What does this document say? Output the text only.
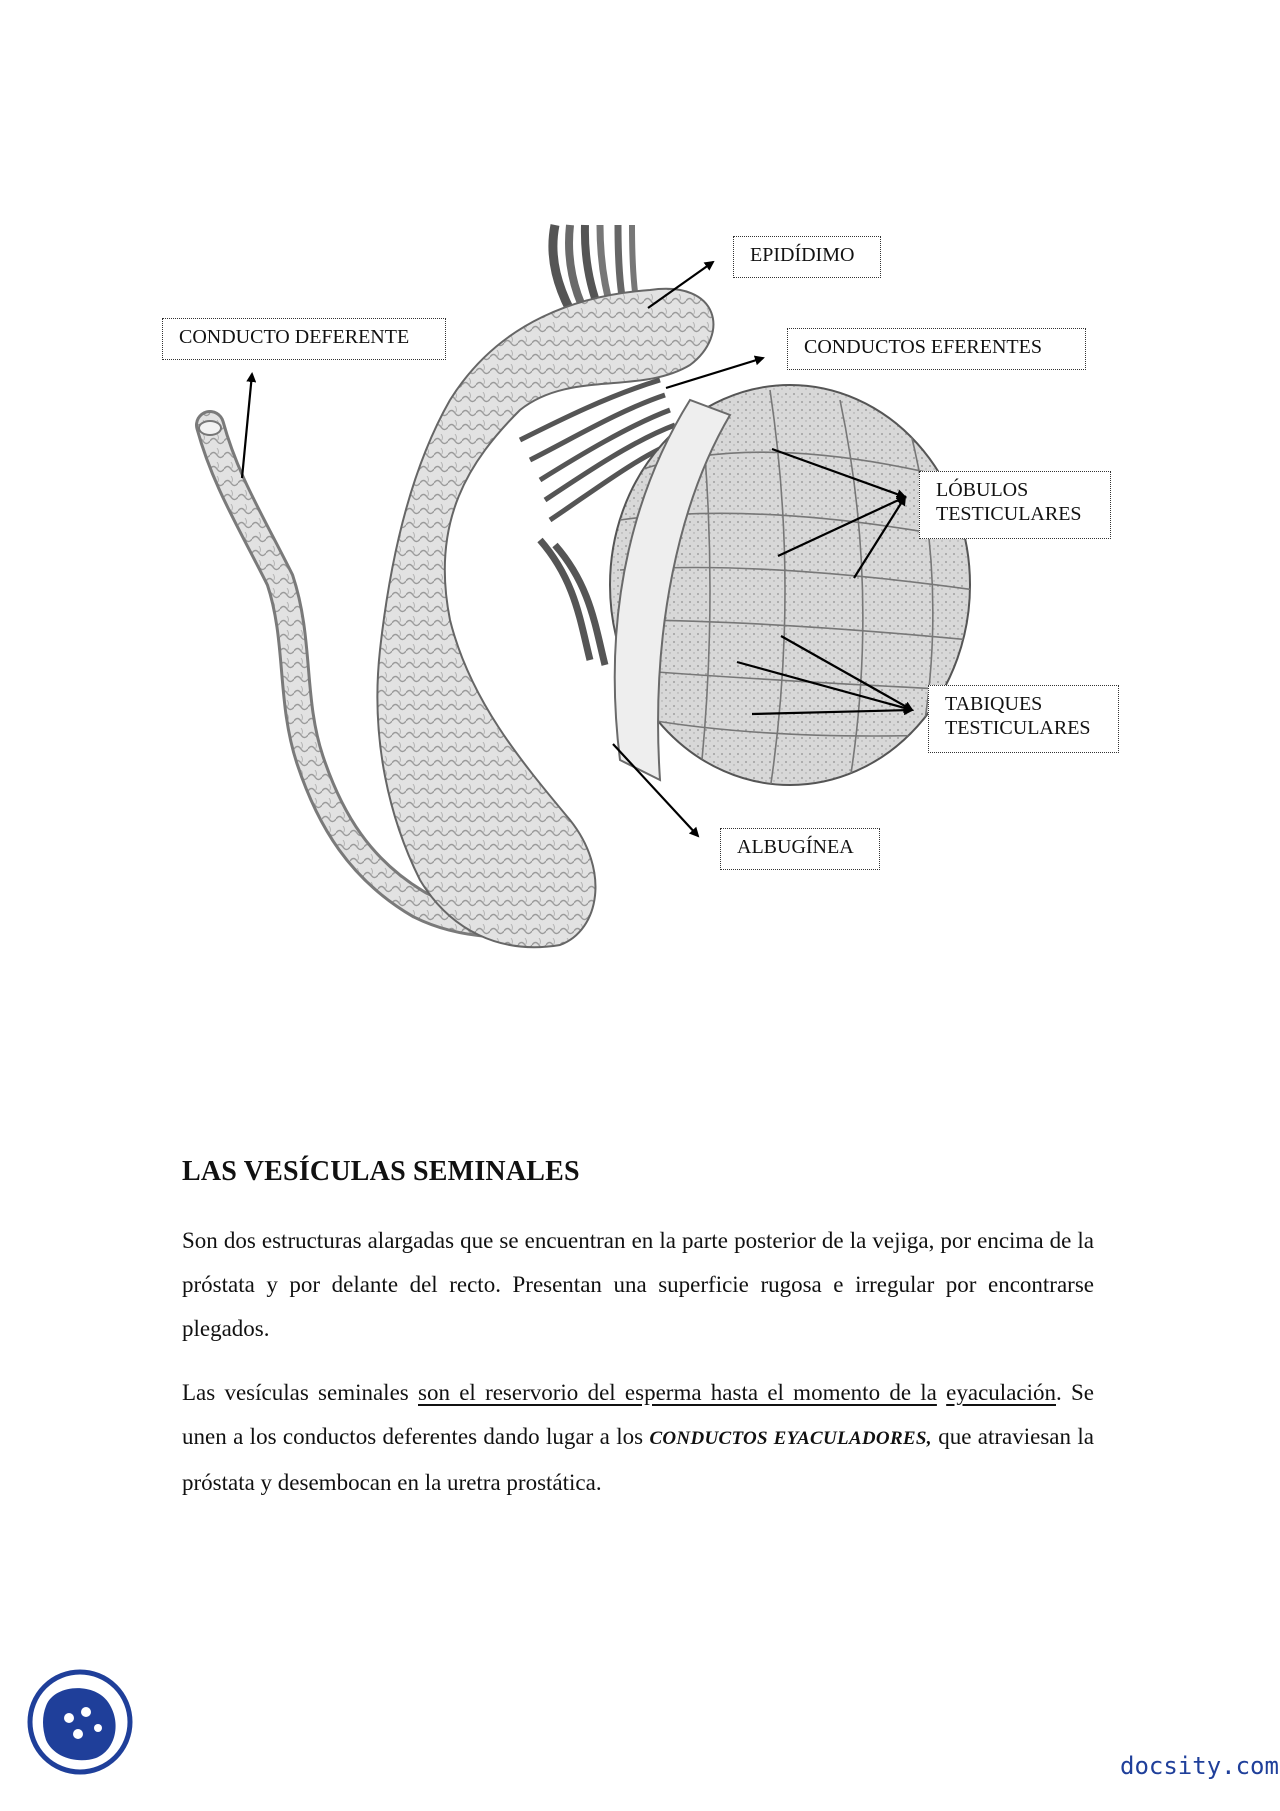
EPIDÍDIMO
CONDUCTO DEFERENTE	CONDUCTOS EFERENTES
LÓBULOS
TESTICULARES
TABIQUES
TESTICULARES
ALBUGÍNEA
LAS VESÍCULAS SEMINALES

Son dos estructuras alargadas que se encuentran en la parte posterior de la vejiga, por encima de la próstata y por delante del recto. Presentan una superficie rugosa e irregular por encontrarse plegados.

Las vesículas seminales son el reservorio del esperma hasta el momento de la eyaculación. Se unen a los conductos deferentes dando lugar a los CONDUCTOS EYACULADORES, que atraviesan la próstata y desembocan en la uretra prostática.

docsity.com
